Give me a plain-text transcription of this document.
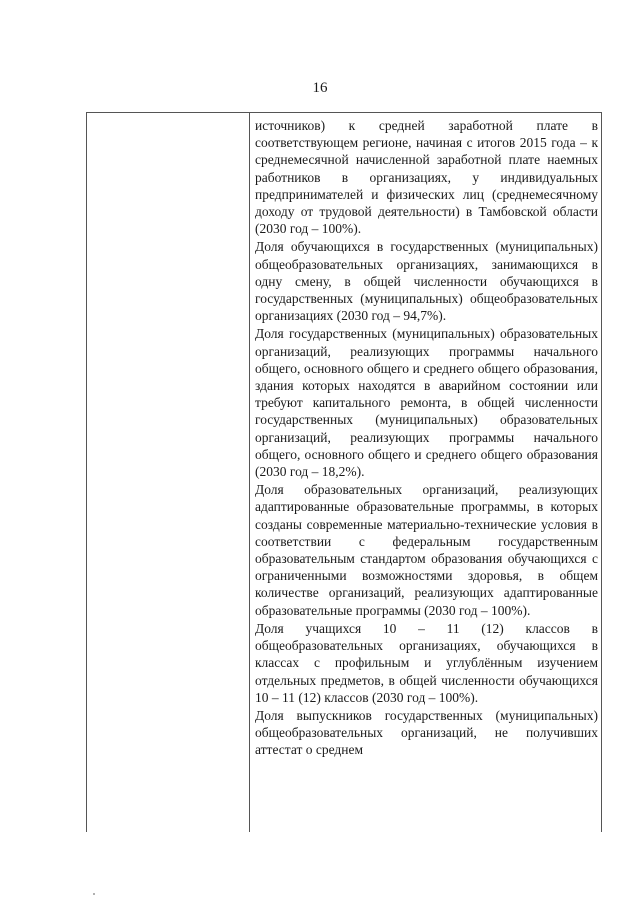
16

источников) к средней заработной плате в соответствующем регионе, начиная с итогов 2015 года – к среднемесячной начисленной заработной плате наемных работников в организациях, у индивидуальных предпринимателей и физических лиц (среднемесячному доходу от трудовой деятельности) в Тамбовской области (2030 год – 100%).

Доля обучающихся в государственных (муниципальных) общеобразовательных организациях, занимающихся в одну смену, в общей численности обучающихся в государственных (муниципальных) общеобразовательных организациях (2030 год – 94,7%).

Доля государственных (муниципальных) образовательных организаций, реализующих программы начального общего, основного общего и среднего общего образования, здания которых находятся в аварийном состоянии или требуют капитального ремонта, в общей численности государственных (муниципальных) образовательных организаций, реализующих программы начального общего, основного общего и среднего общего образования (2030 год – 18,2%).

Доля образовательных организаций, реализующих адаптированные образовательные программы, в которых созданы современные материально-технические условия в соответствии с федеральным государственным образовательным стандартом образования обучающихся с ограниченными возможностями здоровья, в общем количестве организаций, реализующих адаптированные образовательные программы (2030 год – 100%).

Доля учащихся 10 – 11 (12) классов в общеобразовательных организациях, обучающихся в классах с профильным и углублённым изучением отдельных предметов, в общей численности обучающихся 10 – 11 (12) классов (2030 год – 100%).

Доля выпускников государственных (муниципальных) общеобразовательных организаций, не получивших аттестат о среднем
